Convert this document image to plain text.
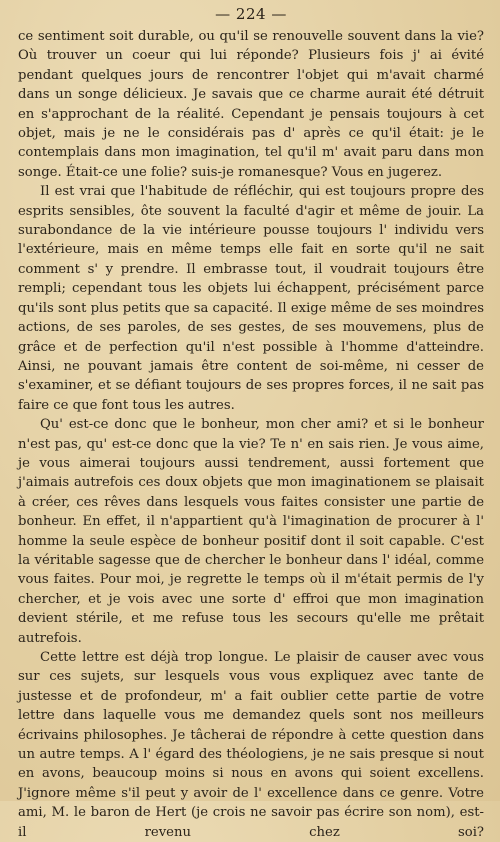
— 224 —

ce sentiment soit durable, ou qu'il se renouvelle souvent dans la vie? Où trouver un coeur qui lui réponde? Plusieurs fois j' ai évité pendant quelques jours de rencontrer l'objet qui m'avait charmé dans un songe délicieux. Je savais que ce charme aurait été détruit en s'approchant de la réalité. Cependant je pensais toujours à cet objet, mais je ne le considérais pas d' après ce qu'il était: je le contemplais dans mon imagination, tel qu'il m' avait paru dans mon songe. Était-ce une folie? suis-je romanesque? Vous en jugerez.

Il est vrai que l'habitude de réfléchir, qui est toujours propre des esprits sensibles, ôte souvent la faculté d'agir et même de jouir. La surabondance de la vie intérieure pousse toujours l' individu vers l'extérieure, mais en même temps elle fait en sorte qu'il ne sait comment s' y prendre. Il embrasse tout, il voudrait toujours être rempli; cependant tous les objets lui échappent, précisément parce qu'ils sont plus petits que sa capacité. Il exige même de ses moindres actions, de ses paroles, de ses gestes, de ses mouvemens, plus de grâce et de perfection qu'il n'est possible à l'homme d'atteindre. Ainsi, ne pouvant jamais être content de soi-même, ni cesser de s'examiner, et se défiant toujours de ses propres forces, il ne sait pas faire ce que font tous les autres.

Qu' est-ce donc que le bonheur, mon cher ami? et si le bonheur n'est pas, qu' est-ce donc que la vie? Te n' en sais rien. Je vous aime, je vous aimerai toujours aussi tendrement, aussi fortement que j'aimais autrefois ces doux objets que mon imaginationem se plaisait à créer, ces rêves dans lesquels vous faites consister une partie de bonheur. En effet, il n'appartient qu'à l'imagination de procurer à l' homme la seule espèce de bonheur positif dont il soit capable. C'est la véritable sagesse que de chercher le bonheur dans l' idéal, comme vous faites. Pour moi, je regrette le temps où il m'était permis de l'y chercher, et je vois avec une sorte d' effroi que mon imagination devient stérile, et me refuse tous les secours qu'elle me prêtait autrefois.

Cette lettre est déjà trop longue. Le plaisir de causer avec vous sur ces sujets, sur lesquels vous vous expliquez avec tante de justesse et de profondeur, m' a fait oublier cette partie de votre lettre dans laquelle vous me demandez quels sont nos meilleurs écrivains philosophes. Je tâcherai de répondre à cette question dans un autre temps. A l' égard des théologiens, je ne sais presque si nout en avons, beaucoup moins si nous en avons qui soient excellens. J'ignore même s'il peut y avoir de l' excellence dans ce genre. Votre ami, M. le baron de Hert (je crois ne savoir pas écrire son nom), est-il revenu chez soi?
